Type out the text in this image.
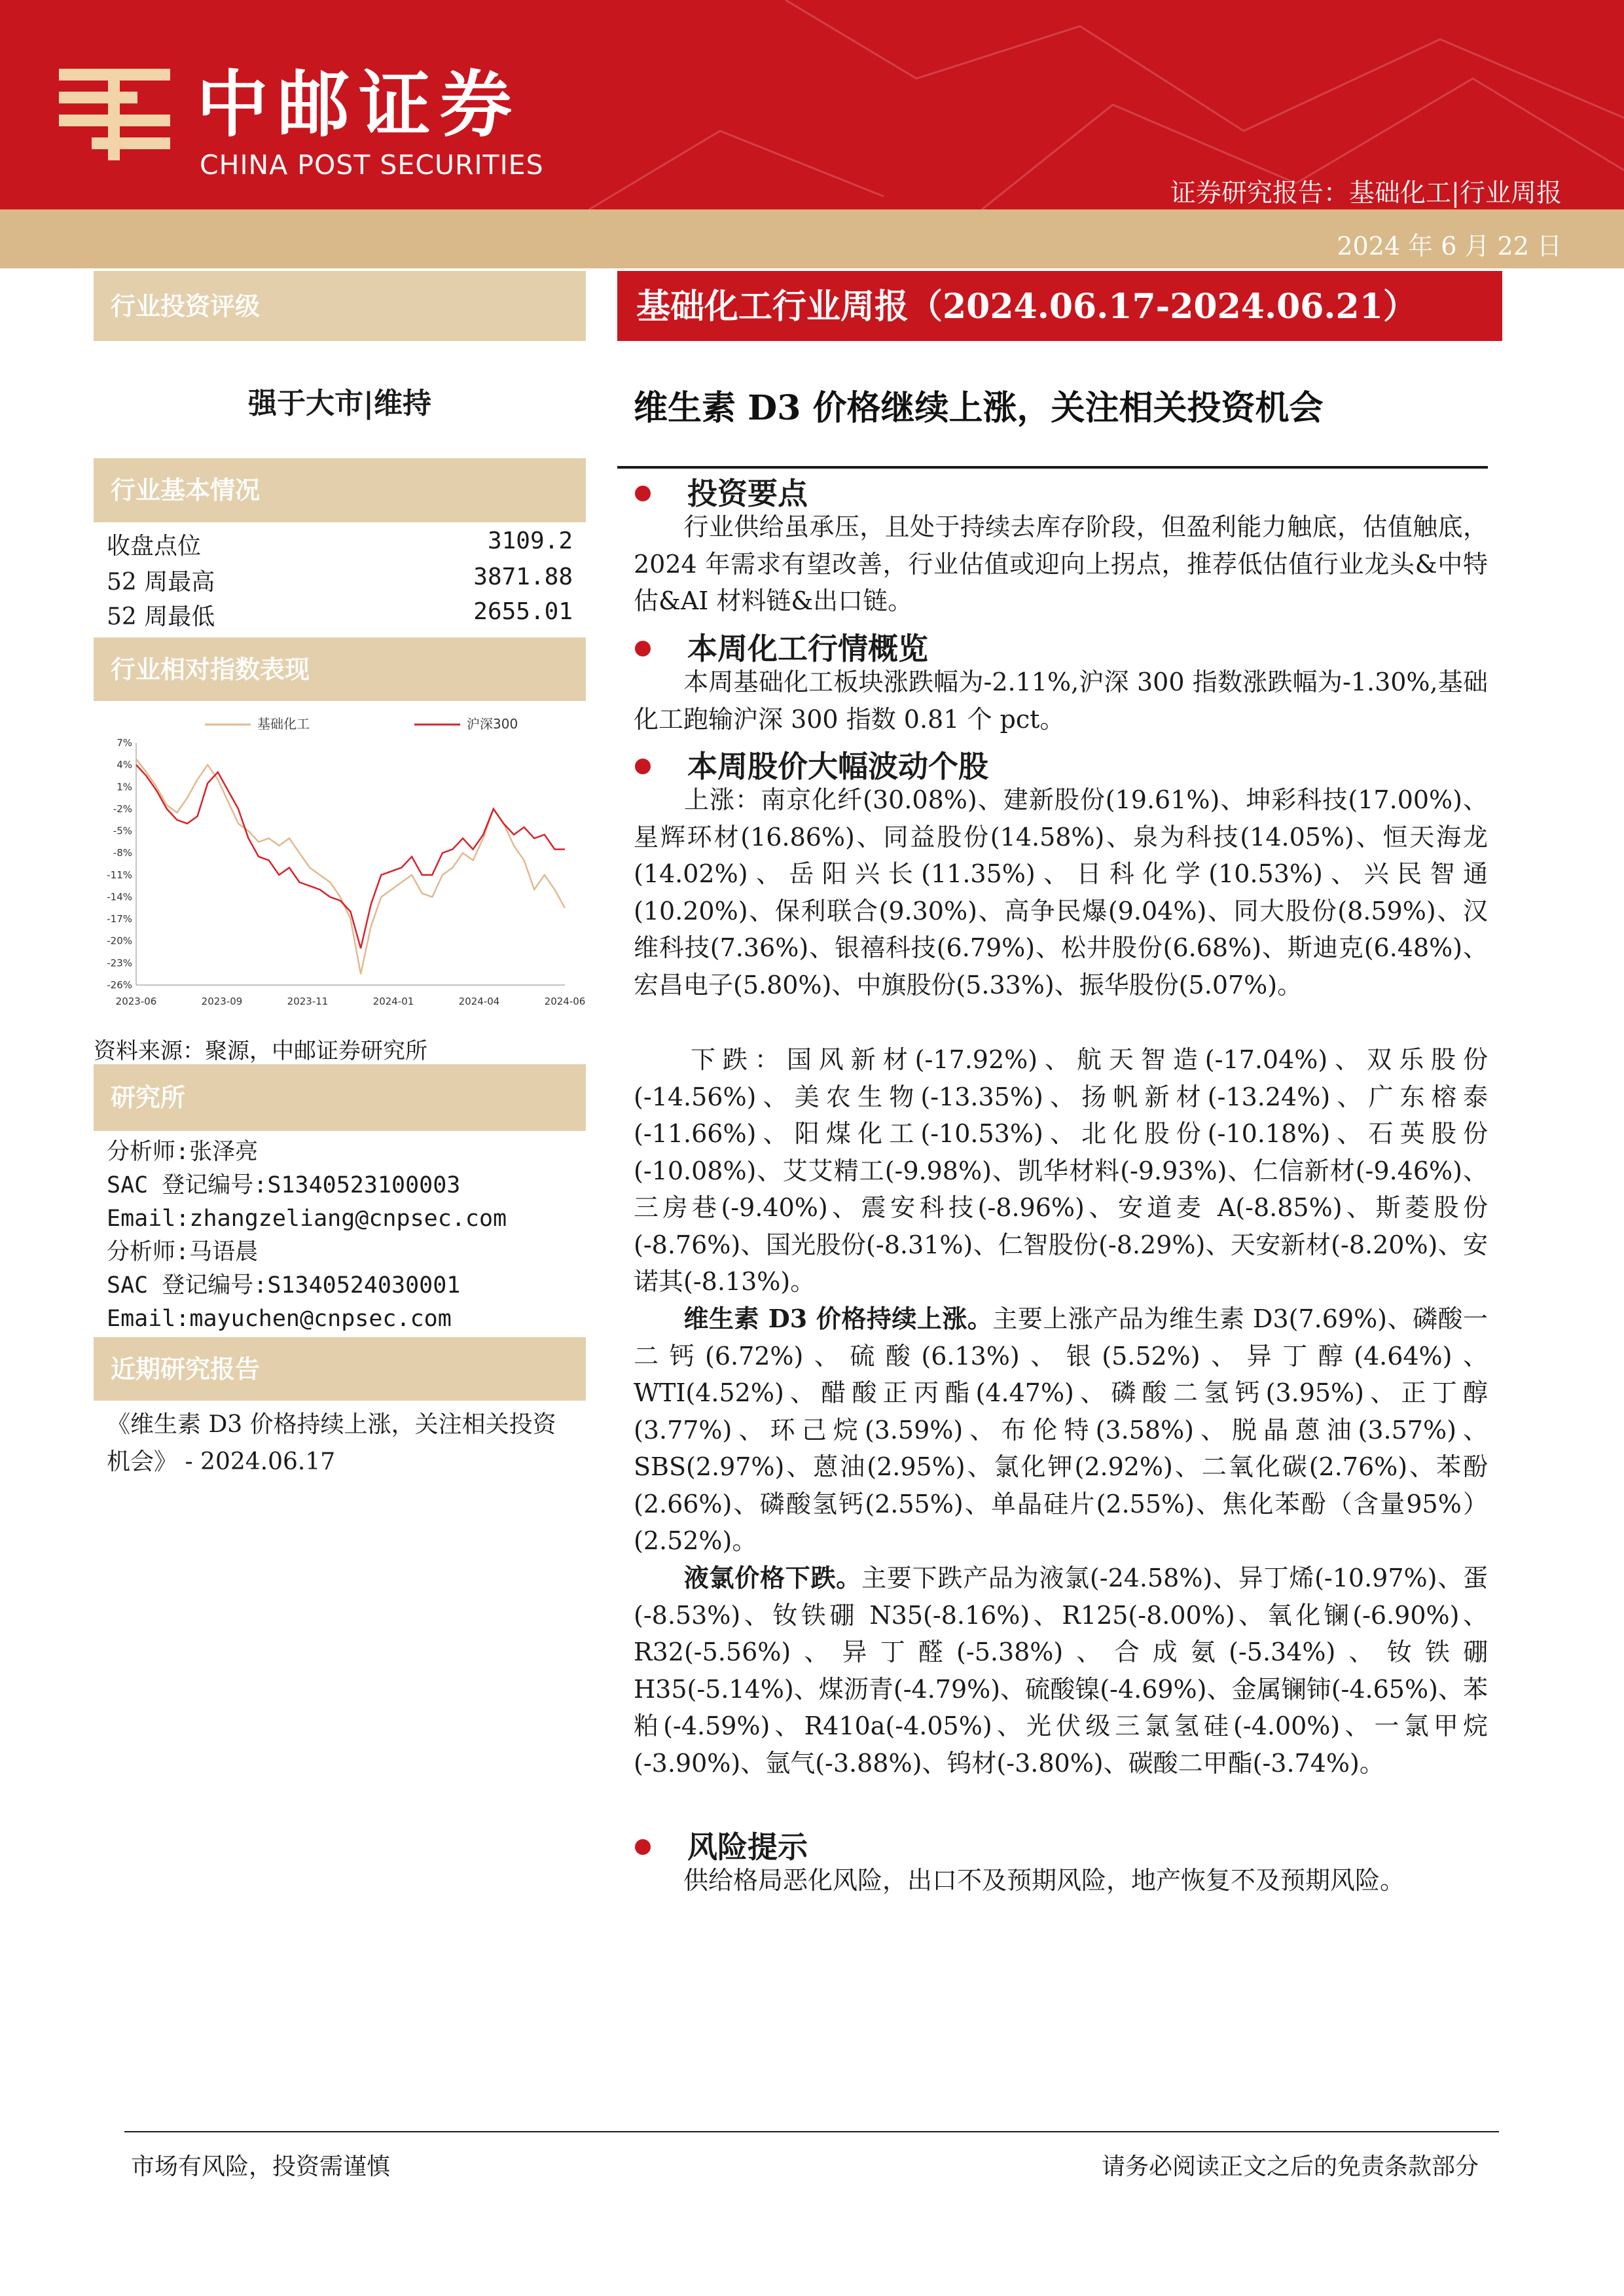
中邮证券
CHINA POST SECURITIES
证券研究报告：基础化工|行业周报
2024 年 6 月 22 日
行业投资评级
强于大市|维持
行业基本情况
收盘点位	3109.2
52 周最高	3871.88
52 周最低	2655.01
行业相对指数表现
7%
4%
1%
-2%
-5%
-8%
-11%
-14%
-17%
-20%
-23%
-26%
2023-06	2023-09	2023-11	2024-01	2024-04	2024-06
基础化工	沪深300
资料来源：聚源，中邮证券研究所
研究所
分析师:张泽亮
SAC 登记编号:S1340523100003
Email:zhangzeliang@cnpsec.com
分析师:马语晨
SAC 登记编号:S1340524030001
Email:mayuchen@cnpsec.com
近期研究报告
《维生素 D3 价格持续上涨，关注相关投资机会》 - 2024.06.17
基础化工行业周报（2024.06.17-2024.06.21）
维生素 D3 价格继续上涨，关注相关投资机会
投资要点
行业供给虽承压，且处于持续去库存阶段，但盈利能力触底，估值触底，2024 年需求有望改善，行业估值或迎向上拐点，推荐低估值行业龙头&中特估&AI 材料链&出口链。
本周化工行情概览
本周基础化工板块涨跌幅为-2.11%,沪深 300 指数涨跌幅为-1.30%,基础化工跑输沪深 300 指数 0.81 个 pct。
本周股价大幅波动个股
上涨：南京化纤(30.08%)、建新股份(19.61%)、坤彩科技(17.00%)、星辉环材(16.86%)、同益股份(14.58%)、泉为科技(14.05%)、恒天海龙(14.02%)、岳阳兴长(11.35%)、日科化学(10.53%)、兴民智通(10.20%)、保利联合(9.30%)、高争民爆(9.04%)、同大股份(8.59%)、汉维科技(7.36%)、银禧科技(6.79%)、松井股份(6.68%)、斯迪克(6.48%)、宏昌电子(5.80%)、中旗股份(5.33%)、振华股份(5.07%)。
下跌：国风新材(-17.92%)、航天智造(-17.04%)、双乐股份(-14.56%)、美农生物(-13.35%)、扬帆新材(-13.24%)、广东榕泰(-11.66%)、阳煤化工(-10.53%)、北化股份(-10.18%)、石英股份(-10.08%)、艾艾精工(-9.98%)、凯华材料(-9.93%)、仁信新材(-9.46%)、三房巷(-9.40%)、震安科技(-8.96%)、安道麦 A(-8.85%)、斯菱股份(-8.76%)、国光股份(-8.31%)、仁智股份(-8.29%)、天安新材(-8.20%)、安诺其(-8.13%)。
维生素 D3 价格持续上涨。主要上涨产品为维生素 D3(7.69%)、磷酸一二钙(6.72%)、硫酸(6.13%)、银(5.52%)、异丁醇(4.64%)、WTI(4.52%)、醋酸正丙酯(4.47%)、磷酸二氢钙(3.95%)、正丁醇(3.77%)、环己烷(3.59%)、布伦特(3.58%)、脱晶蒽油(3.57%)、SBS(2.97%)、蒽油(2.95%)、氯化钾(2.92%)、二氧化碳(2.76%)、苯酚(2.66%)、磷酸氢钙(2.55%)、单晶硅片(2.55%)、焦化苯酚（含量95%）(2.52%)。
液氯价格下跌。主要下跌产品为液氯(-24.58%)、异丁烯(-10.97%)、蛋(-8.53%)、钕铁硼 N35(-8.16%)、R125(-8.00%)、氧化镧(-6.90%)、R32(-5.56%)、异丁醛(-5.38%)、合成氨(-5.34%)、钕铁硼 H35(-5.14%)、煤沥青(-4.79%)、硫酸镍(-4.69%)、金属镧铈(-4.65%)、苯 粕(-4.59%)、R410a(-4.05%)、光伏级三氯氢硅(-4.00%)、一氯甲烷(-3.90%)、氩气(-3.88%)、钨材(-3.80%)、碳酸二甲酯(-3.74%)。
风险提示
供给格局恶化风险，出口不及预期风险，地产恢复不及预期风险。
市场有风险，投资需谨慎	请务必阅读正文之后的免责条款部分
